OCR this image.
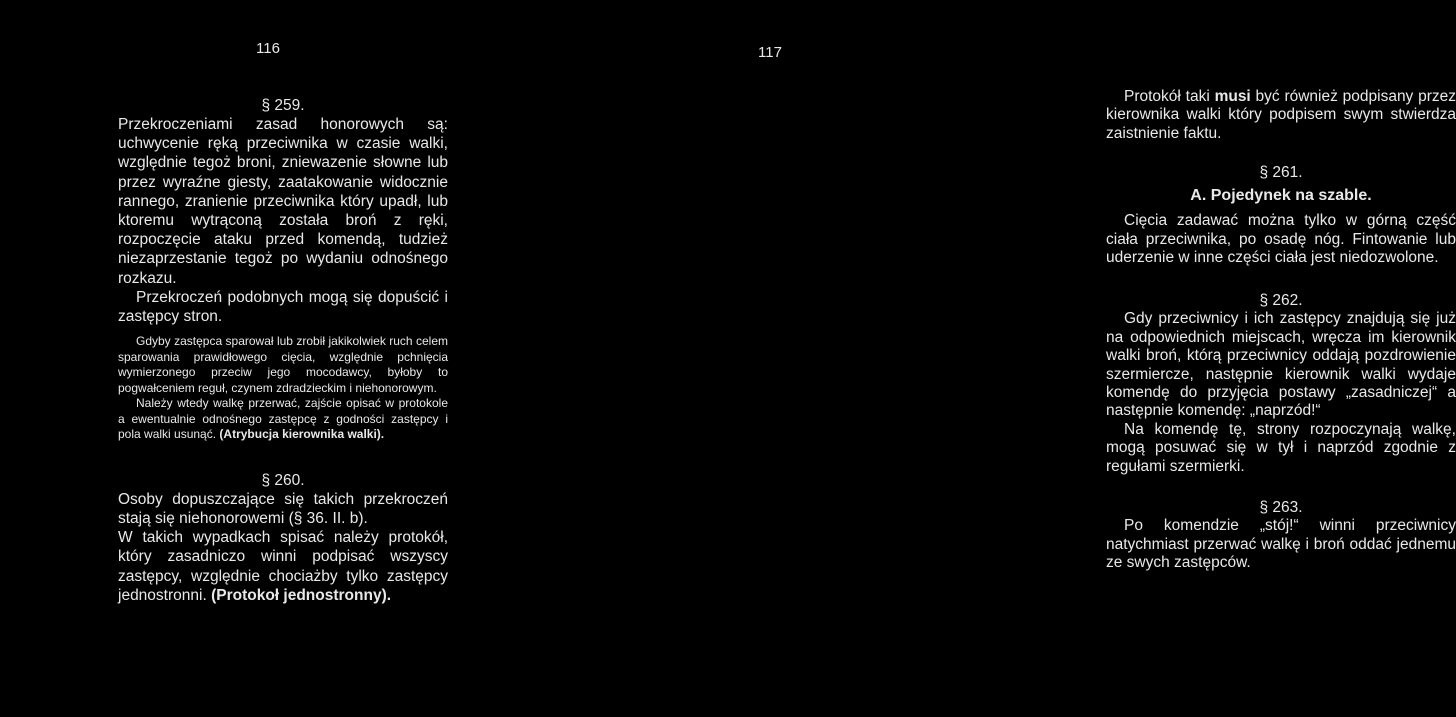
116

§ 259.

Przekroczeniami zasad honorowych są: uchwycenie ręką przeciwnika w czasie walki, względnie tegoż broni, zniewazenie słowne lub przez wyraźne giesty, zaatakowanie widocznie rannego, zranienie przeciwnika który upadł, lub ktoremu wytrąconą została broń z ręki, rozpoczęcie ataku przed komendą, tudzież niezaprzestanie tegoż po wydaniu odnośnego rozkazu.

Przekroczeń podobnych mogą się dopuścić i zastępcy stron.

Gdyby zastępca sparował lub zrobił jakikolwiek ruch celem sparowania prawidłowego cięcia, względnie pchnięcia wymierzonego przeciw jego mocodawcy, byłoby to pogwałceniem reguł, czynem zdradzieckim i niehonorowym.

Należy wtedy walkę przerwać, zajście opisać w protokole a ewentualnie odnośnego zastępcę z godności zastępcy i pola walki usunąć. (Atrybucja kierownika walki).

§ 260.

Osoby dopuszczające się takich przekroczeń stają się niehonorowemi (§ 36. II. b).

W takich wypadkach spisać należy protokół, który zasadniczo winni podpisać wszyscy zastępcy, względnie chociażby tylko zastępcy jednostronni. (Protokoł jednostronny).

117

Protokół taki musi być również podpisany przez kierownika walki który podpisem swym stwierdza zaistnienie faktu.

§ 261.

A. Pojedynek na szable.

Cięcia zadawać można tylko w górną część ciała przeciwnika, po osadę nóg. Fintowanie lub uderzenie w inne części ciała jest niedozwolone.

§ 262.

Gdy przeciwnicy i ich zastępcy znajdują się już na odpowiednich miejscach, wręcza im kierownik walki broń, którą przeciwnicy oddają pozdrowienie szermiercze, następnie kierownik walki wydaje komendę do przyjęcia postawy „zasadniczej“ a następnie komendę: „naprzód!“

Na komendę tę, strony rozpoczynają walkę, mogą posuwać się w tył i naprzód zgodnie z regułami szermierki.

§ 263.

Po komendzie „stój!“ winni przeciwnicy natychmiast przerwać walkę i broń oddać jednemu ze swych zastępców.
